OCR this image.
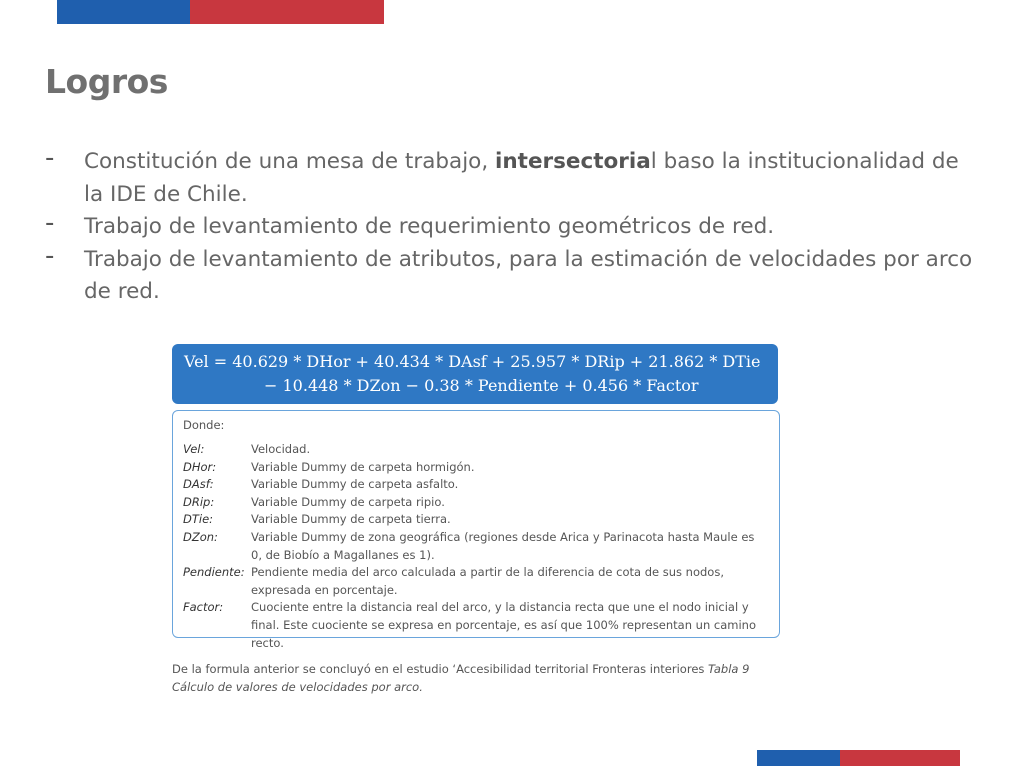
Logros
- Constitución de una mesa de trabajo, intersectorial baso la institucionalidad de la IDE de Chile.
- Trabajo de levantamiento de requerimiento geométricos de red.
- Trabajo de levantamiento de atributos, para la estimación de velocidades por arco de red.
Vel = 40.629 * DHor + 40.434 * DAsf + 25.957 * DRip + 21.862 * DTie
− 10.448 * DZon − 0.38 * Pendiente + 0.456 * Factor
Donde:
Vel:	Velocidad.
DHor:	Variable Dummy de carpeta hormigón.
DAsf:	Variable Dummy de carpeta asfalto.
DRip:	Variable Dummy de carpeta ripio.
DTie:	Variable Dummy de carpeta tierra.
DZon:	Variable Dummy de zona geográfica (regiones desde Arica y Parinacota hasta Maule es 0, de Biobío a Magallanes es 1).
Pendiente:	Pendiente media del arco calculada a partir de la diferencia de cota de sus nodos, expresada en porcentaje.
Factor:	Cuociente entre la distancia real del arco, y la distancia recta que une el nodo inicial y final. Este cuociente se expresa en porcentaje, es así que 100% representan un camino recto.
De la formula anterior se concluyó en el estudio ‘Accesibilidad territorial Fronteras interiores Tabla 9 Cálculo de valores de velocidades por arco.
